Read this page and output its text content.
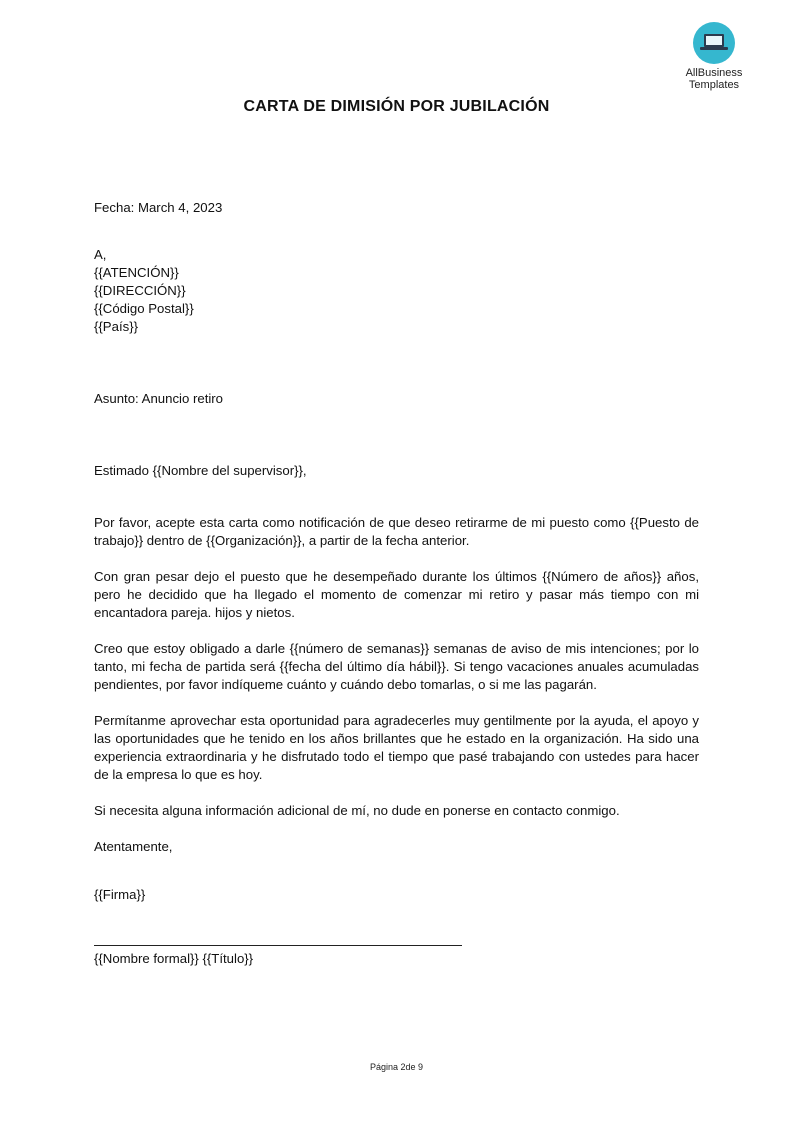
AllBusiness
Templates
CARTA DE DIMISIÓN POR JUBILACIÓN
Fecha: March 4, 2023
A,
{{ATENCIÓN}}
{{DIRECCIÓN}}
{{Código Postal}}
{{País}}
Asunto: Anuncio retiro
Estimado {{Nombre del supervisor}},
Por favor, acepte esta carta como notificación de que deseo retirarme de mi puesto como {{Puesto de trabajo}} dentro de {{Organización}}, a partir de la fecha anterior.
Con gran pesar dejo el puesto que he desempeñado durante los últimos {{Número de años}} años, pero he decidido que ha llegado el momento de comenzar mi retiro y pasar más tiempo con mi encantadora pareja. hijos y nietos.
Creo que estoy obligado a darle {{número de semanas}} semanas de aviso de mis intenciones; por lo tanto, mi fecha de partida será {{fecha del último día hábil}}. Si tengo vacaciones anuales acumuladas pendientes, por favor indíqueme cuánto y cuándo debo tomarlas, o si me las pagarán.
Permítanme aprovechar esta oportunidad para agradecerles muy gentilmente por la ayuda, el apoyo y las oportunidades que he tenido en los años brillantes que he estado en la organización. Ha sido una experiencia extraordinaria y he disfrutado todo el tiempo que pasé trabajando con ustedes para hacer de la empresa lo que es hoy.
Si necesita alguna información adicional de mí, no dude en ponerse en contacto conmigo.
Atentamente,
{{Firma}}
{{Nombre formal}} {{Título}}
Página 2de 9
